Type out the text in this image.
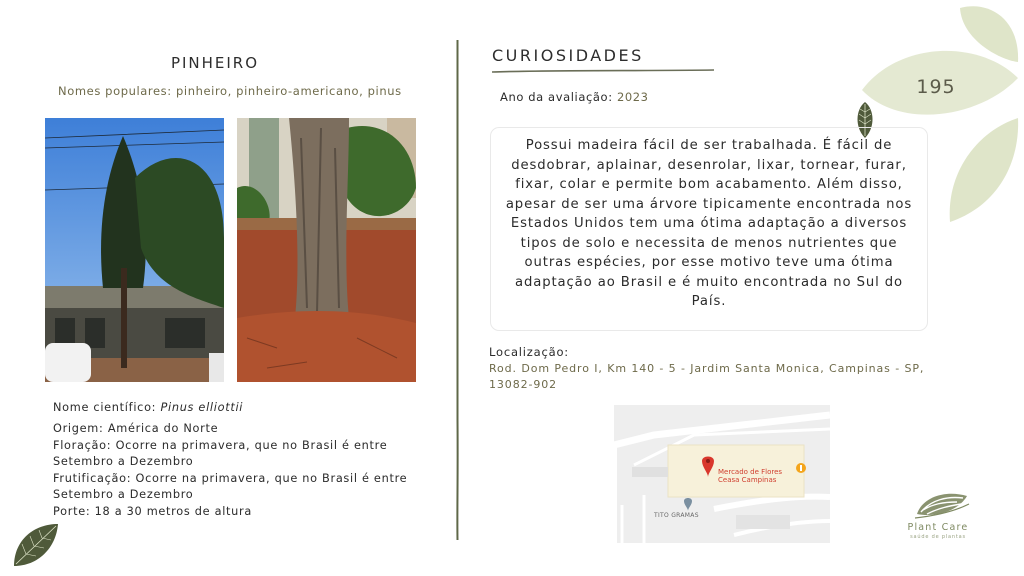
PINHEIRO
Nomes populares: pinheiro, pinheiro-americano, pinus
Nome científico: Pinus elliottii
Origem: América do Norte
Floração: Ocorre na primavera, que no Brasil é entre Setembro a Dezembro
Frutificação: Ocorre na primavera, que no Brasil é entre Setembro a Dezembro
Porte: 18 a 30 metros de altura
CURIOSIDADES
Ano da avaliação: 2023	195
Possui madeira fácil de ser trabalhada. É fácil de desdobrar, aplainar, desenrolar, lixar, tornear, furar, fixar, colar e permite bom acabamento. Além disso, apesar de ser uma árvore tipicamente encontrada nos Estados Unidos tem uma ótima adaptação a diversos tipos de solo e necessita de menos nutrientes que outras espécies, por esse motivo teve uma ótima adaptação ao Brasil e é muito encontrada no Sul do País.
Localização:
Rod. Dom Pedro I, Km 140 - 5 - Jardim Santa Monica, Campinas - SP, 13082-902
Mercado de Flores
Ceasa Campinas
TITO GRAMAS
Plant Care
saúde de plantas
